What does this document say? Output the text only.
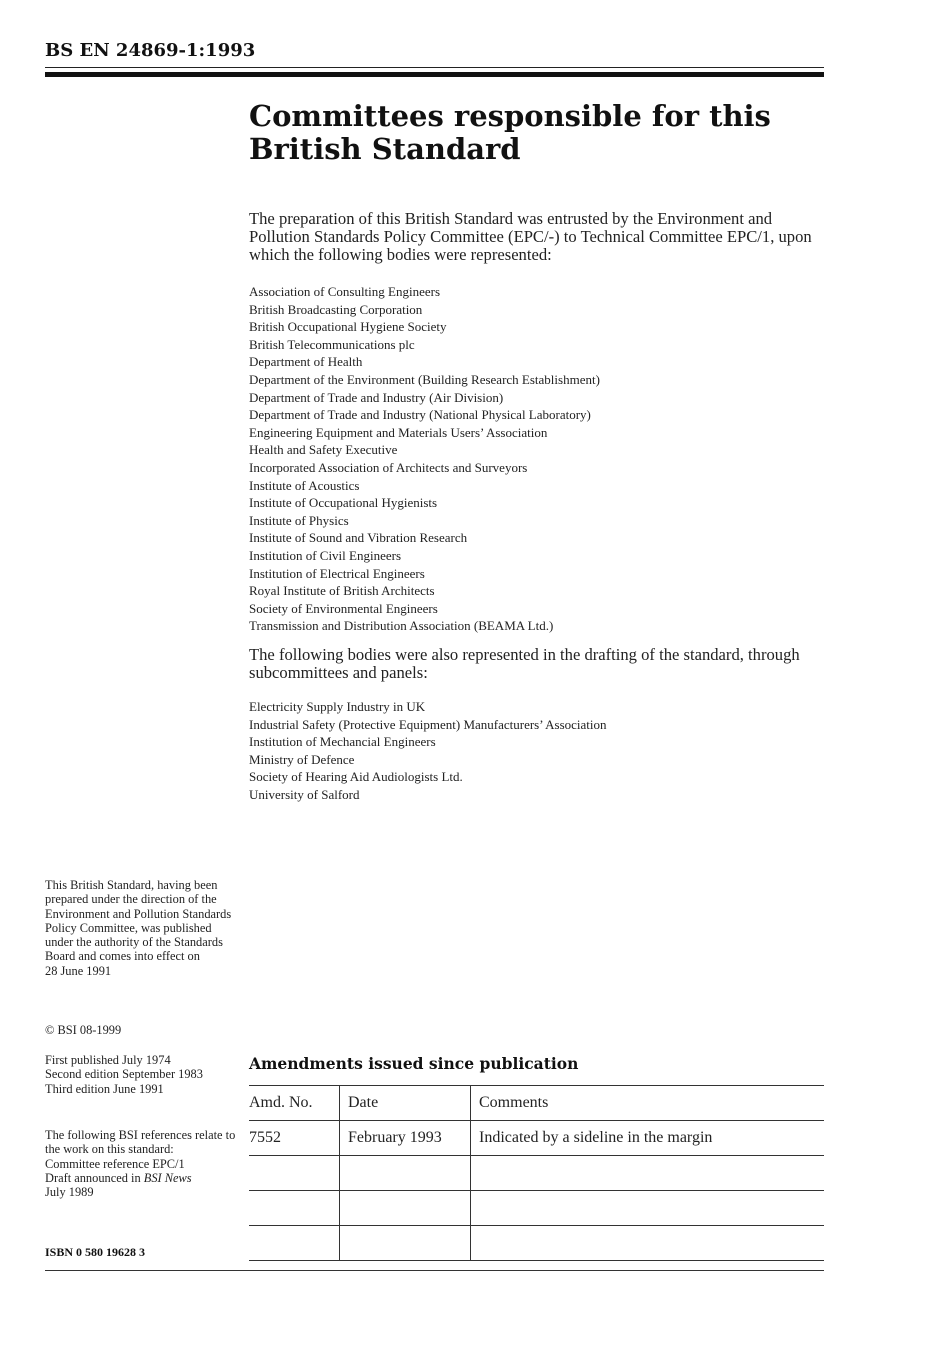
BS EN 24869-1:1993
Committees responsible for this
British Standard

The preparation of this British Standard was entrusted by the Environment and Pollution Standards Policy Committee (EPC/-) to Technical Committee EPC/1, upon which the following bodies were represented:

Association of Consulting Engineers
British Broadcasting Corporation
British Occupational Hygiene Society
British Telecommunications plc
Department of Health
Department of the Environment (Building Research Establishment)
Department of Trade and Industry (Air Division)
Department of Trade and Industry (National Physical Laboratory)
Engineering Equipment and Materials Users’ Association
Health and Safety Executive
Incorporated Association of Architects and Surveyors
Institute of Acoustics
Institute of Occupational Hygienists
Institute of Physics
Institute of Sound and Vibration Research
Institution of Civil Engineers
Institution of Electrical Engineers
Royal Institute of British Architects
Society of Environmental Engineers
Transmission and Distribution Association (BEAMA Ltd.)

The following bodies were also represented in the drafting of the standard, through subcommittees and panels:

Electricity Supply Industry in UK
Industrial Safety (Protective Equipment) Manufacturers’ Association
Institution of Mechancial Engineers
Ministry of Defence
Society of Hearing Aid Audiologists Ltd.
University of Salford
This British Standard, having been prepared under the direction of the Environment and Pollution Standards Policy Committee, was published under the authority of the Standards Board and comes into effect on
28 June 1991
© BSI 08-1999
First published July 1974
Second edition September 1983
Third edition June 1991
The following BSI references relate to the work on this standard:
Committee reference EPC/1
Draft announced in BSI News
July 1989
ISBN 0 580 19628 3
Amendments issued since publication
Amd. No.	Date	Comments
7552	February 1993	Indicated by a sideline in the margin
